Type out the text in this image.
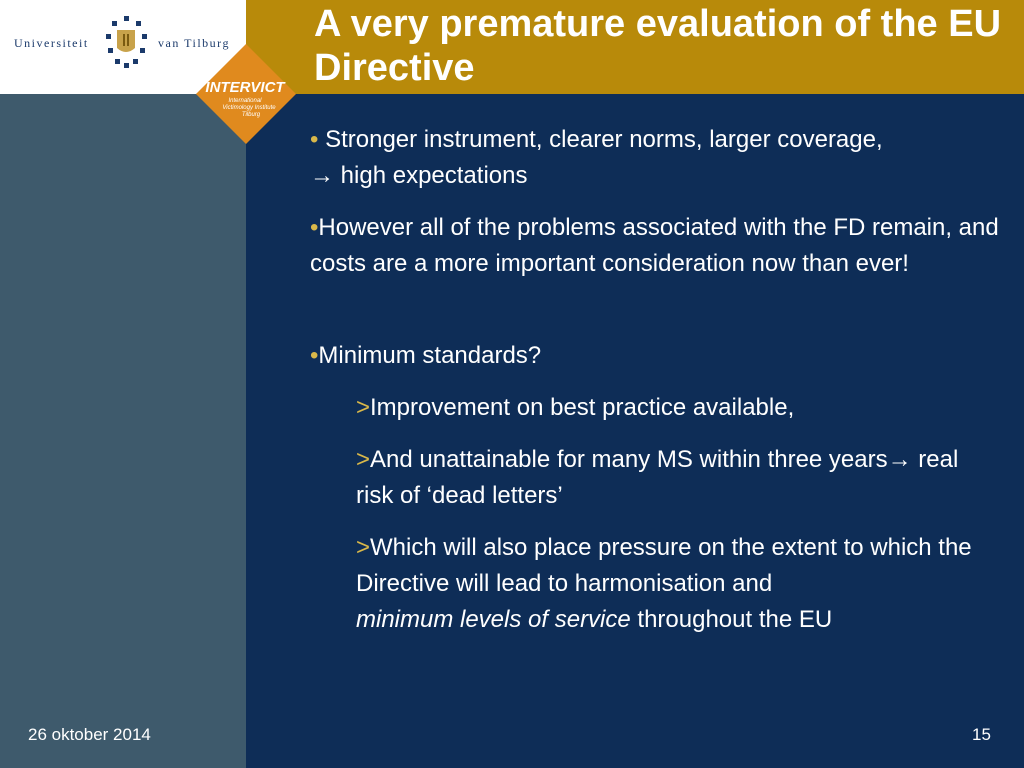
Universiteit	van Tilburg
INTERVICT
International
Victimology Institute
Tilburg
A very premature evaluation of the EU Directive

• Stronger instrument, clearer norms, larger coverage,
→ high expectations

•However all of the problems associated with the FD remain, and costs are a more important consideration now than ever!

•Minimum standards?

>Improvement on best practice available,

>And unattainable for many MS within three years→ real risk of ‘dead letters’

>Which will also place pressure on the extent to which the Directive will lead to harmonisation and
minimum levels of service throughout the EU

26 oktober 2014	15
